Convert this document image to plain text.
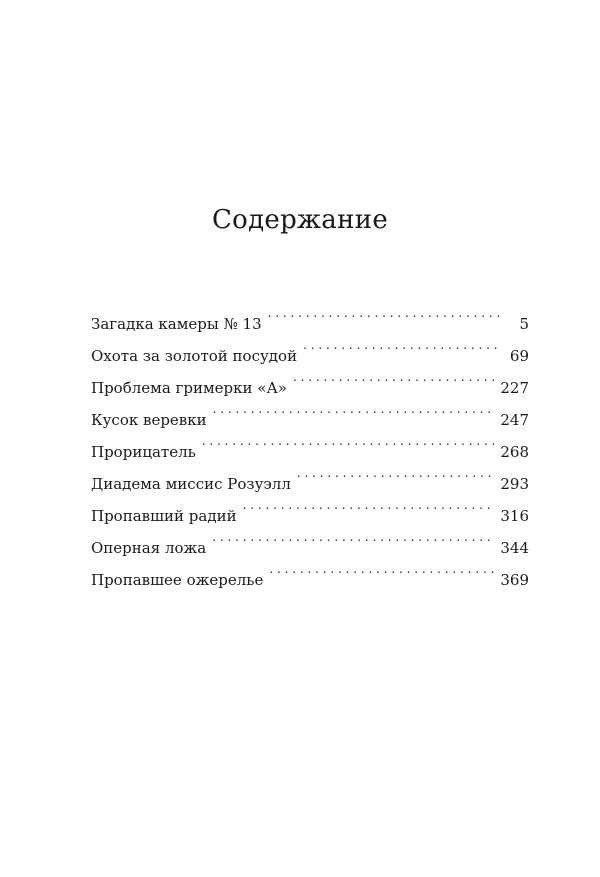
Содержание
Загадка камеры № 13 . . .	5
Охота за золотой посудой . . .	69
Проблема гримерки «А» . . .	227
Кусок веревки . . .	247
Прорицатель . . .	268
Диадема миссис Розуэлл . . .	293
Пропавший радий . . .	316
Оперная ложа . . .	344
Пропавшее ожерелье . . .	369
